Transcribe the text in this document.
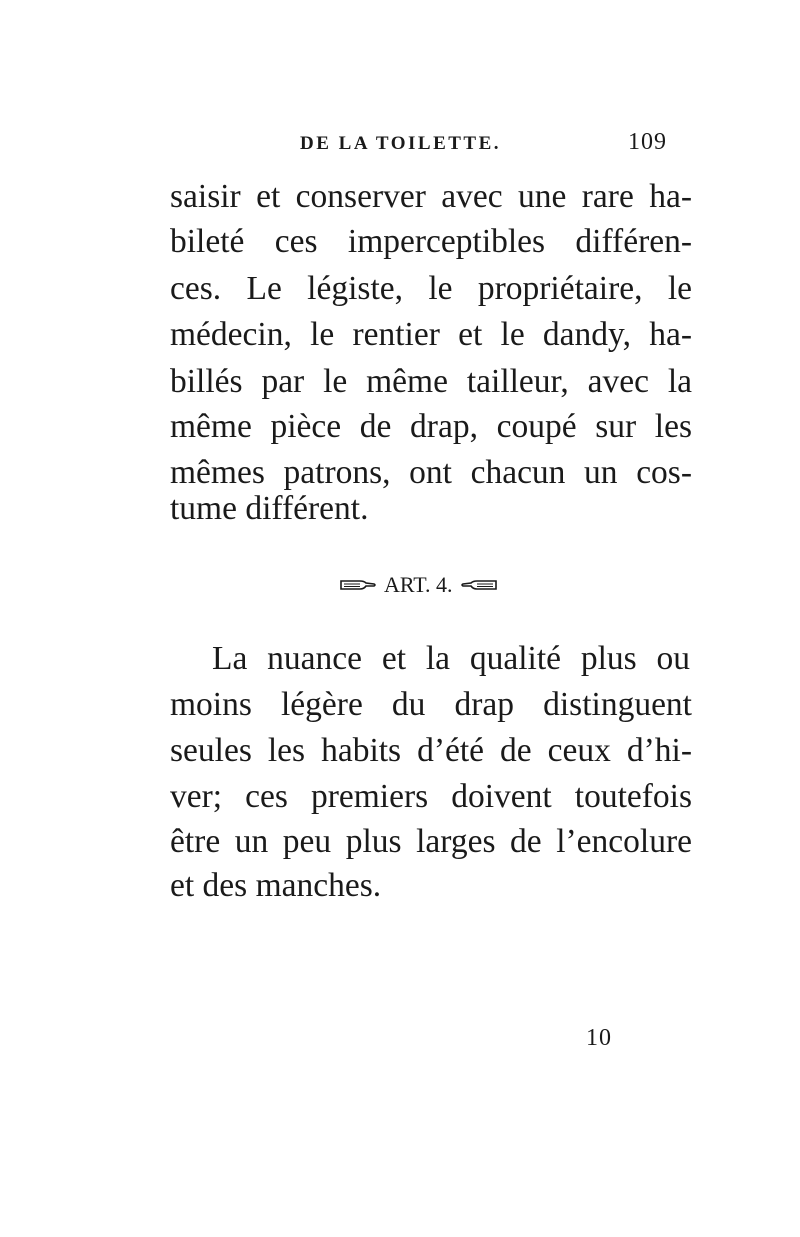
DE LA TOILETTE.	109
saisir et conserver avec une rare ha-
bileté ces imperceptibles différen-
ces. Le légiste, le propriétaire, le
médecin, le rentier et le dandy, ha-
billés par le même tailleur, avec la
même pièce de drap, coupé sur les
mêmes patrons, ont chacun un cos-
tume différent.
ART. 4.
La nuance et la qualité plus ou
moins légère du drap distinguent
seules les habits d’été de ceux d’hi-
ver; ces premiers doivent toutefois
être un peu plus larges de l’encolure
et des manches.
10
